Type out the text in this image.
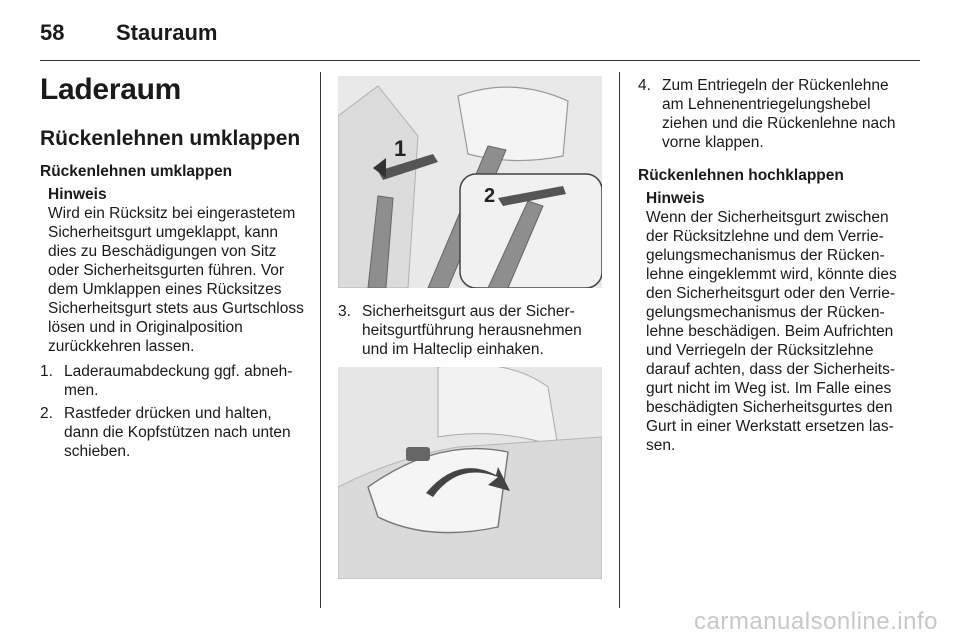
58 Stauraum
Laderaum
Rückenlehnen umklappen
Rückenlehnen umklappen
Hinweis

Wird ein Rücksitz bei eingerastetem Sicherheitsgurt umgeklappt, kann dies zu Beschädigungen von Sitz oder Sicherheitsgurten führen. Vor dem Umklappen eines Rücksitzes Sicherheitsgurt stets aus Gurtschloss lösen und in Originalposition zurückkehren lassen.

1. Laderaumabdeckung ggf. abnehmen.
2. Rastfeder drücken und halten, dann die Kopfstützen nach unten schieben.
1
2
3. Sicherheitsgurt aus der Sicherheitsgurtführung herausnehmen und im Halteclip einhaken.
4. Zum Entriegeln der Rückenlehne am Lehnenentriegelungshebel ziehen und die Rückenlehne nach vorne klappen.
Rückenlehnen hochklappen
Hinweis

Wenn der Sicherheitsgurt zwischen der Rücksitzlehne und dem Verriegelungsmechanismus der Rückenlehne eingeklemmt wird, könnte dies den Sicherheitsgurt oder den Verriegelungsmechanismus der Rückenlehne beschädigen. Beim Aufrichten und Verriegeln der Rücksitzlehne darauf achten, dass der Sicherheitsgurt nicht im Weg ist. Im Falle eines beschädigten Sicherheitsgurtes den Gurt in einer Werkstatt ersetzen lassen.

carmanualsonline.info
